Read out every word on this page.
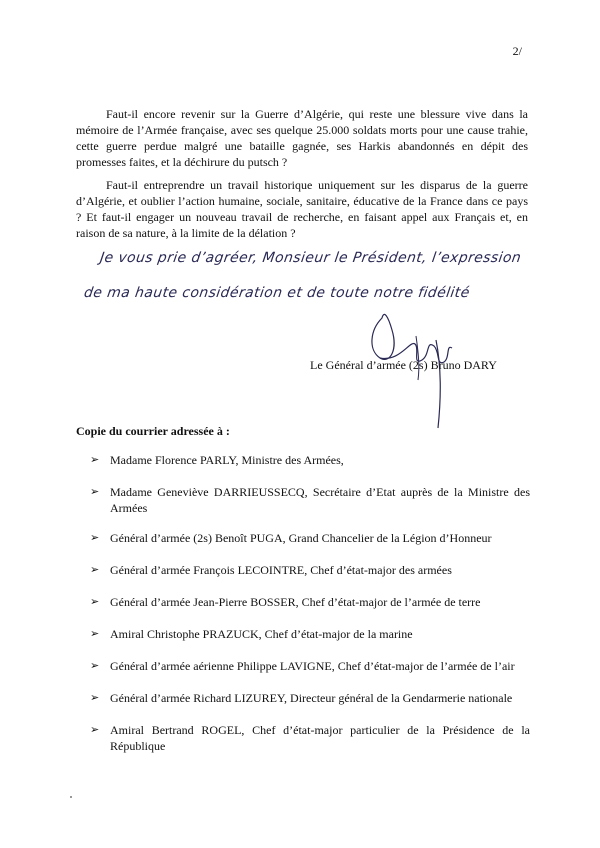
2/

Faut-il encore revenir sur la Guerre d’Algérie, qui reste une blessure vive dans la mémoire de l’Armée française, avec ses quelque 25.000 soldats morts pour une cause trahie, cette guerre perdue malgré une bataille gagnée, ses Harkis abandonnés en dépit des promesses faites, et la déchirure du putsch ?

Faut-il entreprendre un travail historique uniquement sur les disparus de la guerre d’Algérie, et oublier l’action humaine, sociale, sanitaire, éducative de la France dans ce pays ? Et faut-il engager un nouveau travail de recherche, en faisant appel aux Français et, en raison de sa nature, à la limite de la délation ?

Je vous prie d’agréer, Monsieur le Président, l’expression
de ma haute considération et de toute notre fidélité
Le Général d’armée (2s) Bruno DARY
Copie du courrier adressée à :
➢ Madame Florence PARLY, Ministre des Armées,
➢ Madame Geneviève DARRIEUSSECQ, Secrétaire d’Etat auprès de la Ministre des Armées
➢ Général d’armée (2s) Benoît PUGA, Grand Chancelier de la Légion d’Honneur
➢ Général d’armée François LECOINTRE, Chef d’état-major des armées
➢ Général d’armée Jean-Pierre BOSSER, Chef d’état-major de l’armée de terre
➢ Amiral Christophe PRAZUCK, Chef d’état-major de la marine
➢ Général d’armée aérienne Philippe LAVIGNE, Chef d’état-major de l’armée de l’air
➢ Général d’armée Richard LIZUREY, Directeur général de la Gendarmerie nationale
➢ Amiral Bertrand ROGEL, Chef d’état-major particulier de la Présidence de la République
